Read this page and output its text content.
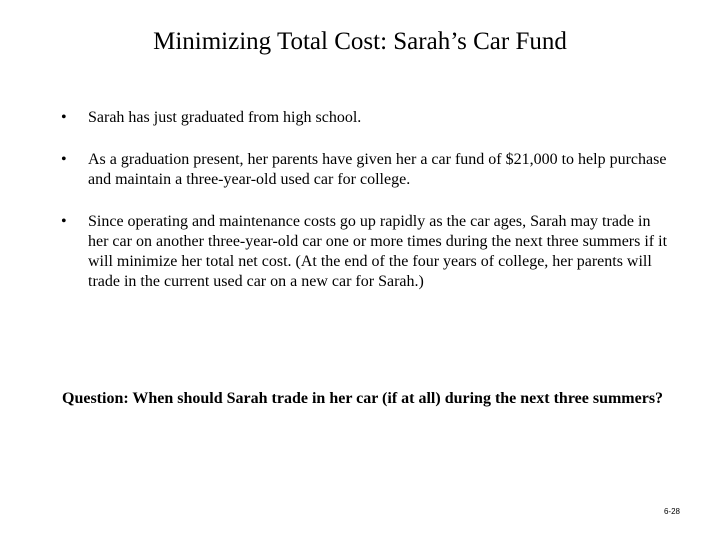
Minimizing Total Cost: Sarah’s Car Fund
• Sarah has just graduated from high school.
• As a graduation present, her parents have given her a car fund of $21,000 to help purchase and maintain a three-year-old used car for college.
• Since operating and maintenance costs go up rapidly as the car ages, Sarah may trade in her car on another three-year-old car one or more times during the next three summers if it will minimize her total net cost. (At the end of the four years of college, her parents will trade in the current used car on a new car for Sarah.)

Question: When should Sarah trade in her car (if at all) during the next three summers?

6-28
